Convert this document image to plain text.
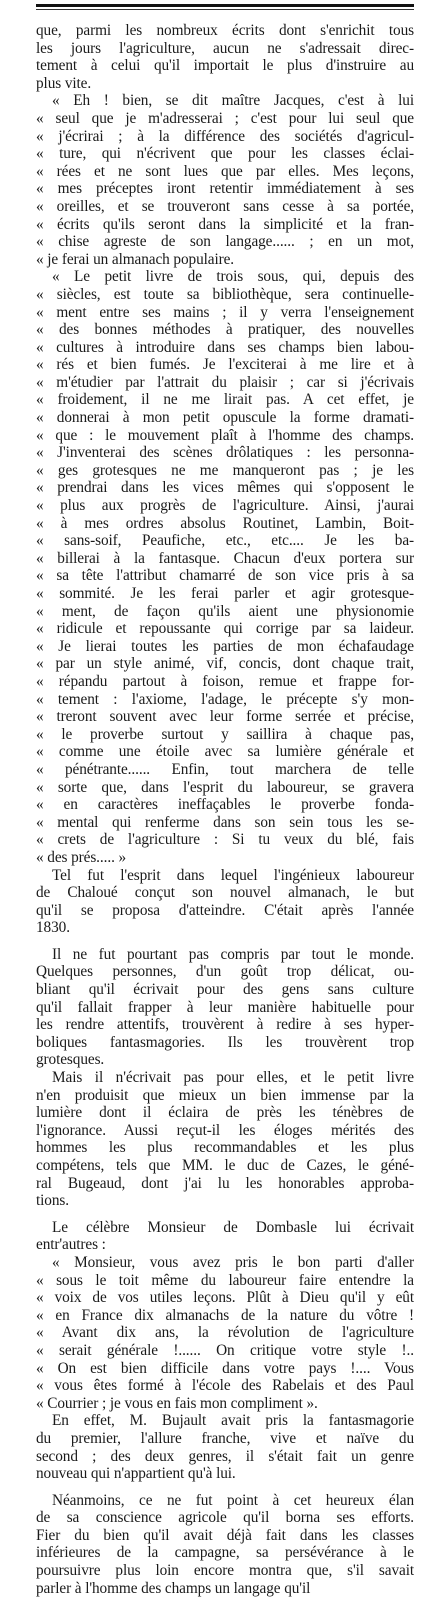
que, parmi les nombreux écrits dont s'enrichit tous
les jours l'agriculture, aucun ne s'adressait direc-
tement à celui qu'il importait le plus d'instruire au
plus vite.

« Eh ! bien, se dit maître Jacques, c'est à lui
« seul que je m'adresserai ; c'est pour lui seul que
« j'écrirai ; à la différence des sociétés d'agricul-
« ture, qui n'écrivent que pour les classes éclai-
« rées et ne sont lues que par elles. Mes leçons,
« mes préceptes iront retentir immédiatement à ses
« oreilles, et se trouveront sans cesse à sa portée,
« écrits qu'ils seront dans la simplicité et la fran-
« chise agreste de son langage...... ; en un mot,
« je ferai un almanach populaire.

« Le petit livre de trois sous, qui, depuis des
« siècles, est toute sa bibliothèque, sera continuelle-
« ment entre ses mains ; il y verra l'enseignement
« des bonnes méthodes à pratiquer, des nouvelles
« cultures à introduire dans ses champs bien labou-
« rés et bien fumés. Je l'exciterai à me lire et à
« m'étudier par l'attrait du plaisir ; car si j'écrivais
« froidement, il ne me lirait pas. A cet effet, je
« donnerai à mon petit opuscule la forme dramati-
« que : le mouvement plaît à l'homme des champs.
« J'inventerai des scènes drôlatiques : les personna-
« ges grotesques ne me manqueront pas ; je les
« prendrai dans les vices mêmes qui s'opposent le
« plus aux progrès de l'agriculture. Ainsi, j'aurai
« à mes ordres absolus Routinet, Lambin, Boit-
« sans-soif, Peaufiche, etc., etc.... Je les ba-
« billerai à la fantasque. Chacun d'eux portera sur
« sa tête l'attribut chamarré de son vice pris à sa
« sommité. Je les ferai parler et agir grotesque-
« ment, de façon qu'ils aient une physionomie
« ridicule et repoussante qui corrige par sa laideur.
« Je lierai toutes les parties de mon échafaudage
« par un style animé, vif, concis, dont chaque trait,
« répandu partout à foison, remue et frappe for-
« tement : l'axiome, l'adage, le précepte s'y mon-
« treront souvent avec leur forme serrée et précise,
« le proverbe surtout y saillira à chaque pas,
« comme une étoile avec sa lumière générale et
« pénétrante...... Enfin, tout marchera de telle
« sorte que, dans l'esprit du laboureur, se gravera
« en caractères ineffaçables le proverbe fonda-
« mental qui renferme dans son sein tous les se-
« crets de l'agriculture : Si tu veux du blé, fais
« des prés..... »

Tel fut l'esprit dans lequel l'ingénieux laboureur
de Chaloué conçut son nouvel almanach, le but
qu'il se proposa d'atteindre. C'était après l'année
1830.

Il ne fut pourtant pas compris par tout le monde.
Quelques personnes, d'un goût trop délicat, ou-
bliant qu'il écrivait pour des gens sans culture
qu'il fallait frapper à leur manière habituelle pour
les rendre attentifs, trouvèrent à redire à ses hyper-
boliques fantasmagories. Ils les trouvèrent trop
grotesques.

Mais il n'écrivait pas pour elles, et le petit livre
n'en produisit que mieux un bien immense par la
lumière dont il éclaira de près les ténèbres de
l'ignorance. Aussi reçut-il les éloges mérités des
hommes les plus recommandables et les plus
compétens, tels que MM. le duc de Cazes, le géné-
ral Bugeaud, dont j'ai lu les honorables approba-
tions.

Le célèbre Monsieur de Dombasle lui écrivait
entr'autres :

« Monsieur, vous avez pris le bon parti d'aller
« sous le toit même du laboureur faire entendre la
« voix de vos utiles leçons. Plût à Dieu qu'il y eût
« en France dix almanachs de la nature du vôtre !
« Avant dix ans, la révolution de l'agriculture
« serait générale !...... On critique votre style !..
« On est bien difficile dans votre pays !.... Vous
« vous êtes formé à l'école des Rabelais et des Paul
« Courrier ; je vous en fais mon compliment ».

En effet, M. Bujault avait pris la fantasmagorie
du premier, l'allure franche, vive et naïve du
second ; des deux genres, il s'était fait un genre
nouveau qui n'appartient qu'à lui.

Néanmoins, ce ne fut point à cet heureux élan
de sa conscience agricole qu'il borna ses efforts.
Fier du bien qu'il avait déjà fait dans les classes
inférieures de la campagne, sa persévérance à le
poursuivre plus loin encore montra que, s'il savait
parler à l'homme des champs un langage qu'il
